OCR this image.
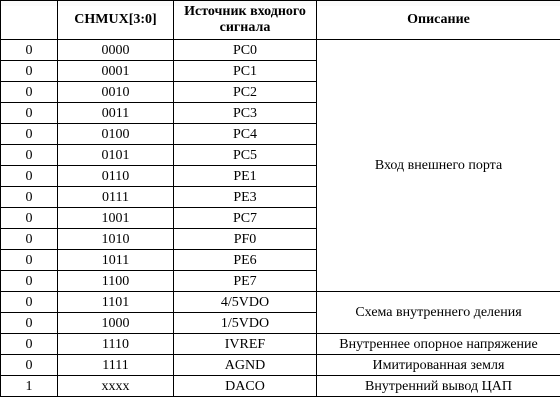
	CHMUX[3:0]	Источник входного сигнала	Описание
0	0000	PC0	Вход внешнего порта
0	0001	PC1	
0	0010	PC2	
0	0011	PC3	
0	0100	PC4	
0	0101	PC5	
0	0110	PE1	
0	0111	PE3	
0	1001	PC7	
0	1010	PF0	
0	1011	PE6	
0	1100	PE7	
0	1101	4/5VDO	Схема внутреннего деления
0	1000	1/5VDO	
0	1110	IVREF	Внутреннее опорное напряжение
0	1111	AGND	Имитированная земля
1	xxxx	DACO	Внутренний вывод ЦАП
